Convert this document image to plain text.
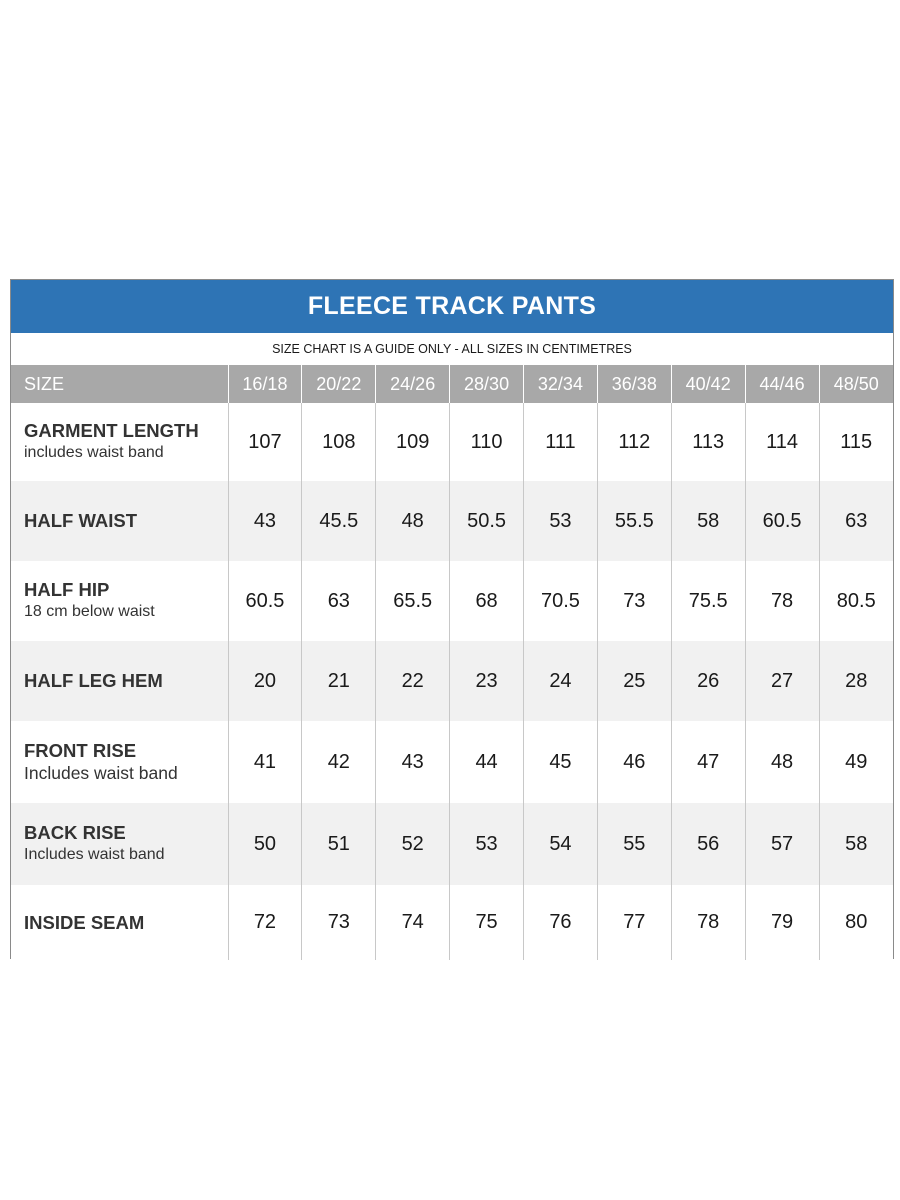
FLEECE TRACK PANTS
SIZE CHART IS A GUIDE ONLY - ALL SIZES IN CENTIMETRES
SIZE	16/18	20/22	24/26	28/30	32/34	36/38	40/42	44/46	48/50

GARMENT LENGTH
includes waist band	107	108	109	110	111	112	113	114	115

HALF WAIST	43	45.5	48	50.5	53	55.5	58	60.5	63

HALF HIP
18 cm below waist	60.5	63	65.5	68	70.5	73	75.5	78	80.5

HALF LEG HEM	20	21	22	23	24	25	26	27	28

FRONT RISE
Includes waist band	41	42	43	44	45	46	47	48	49

BACK RISE
Includes waist band	50	51	52	53	54	55	56	57	58

INSIDE SEAM	72	73	74	75	76	77	78	79	80
